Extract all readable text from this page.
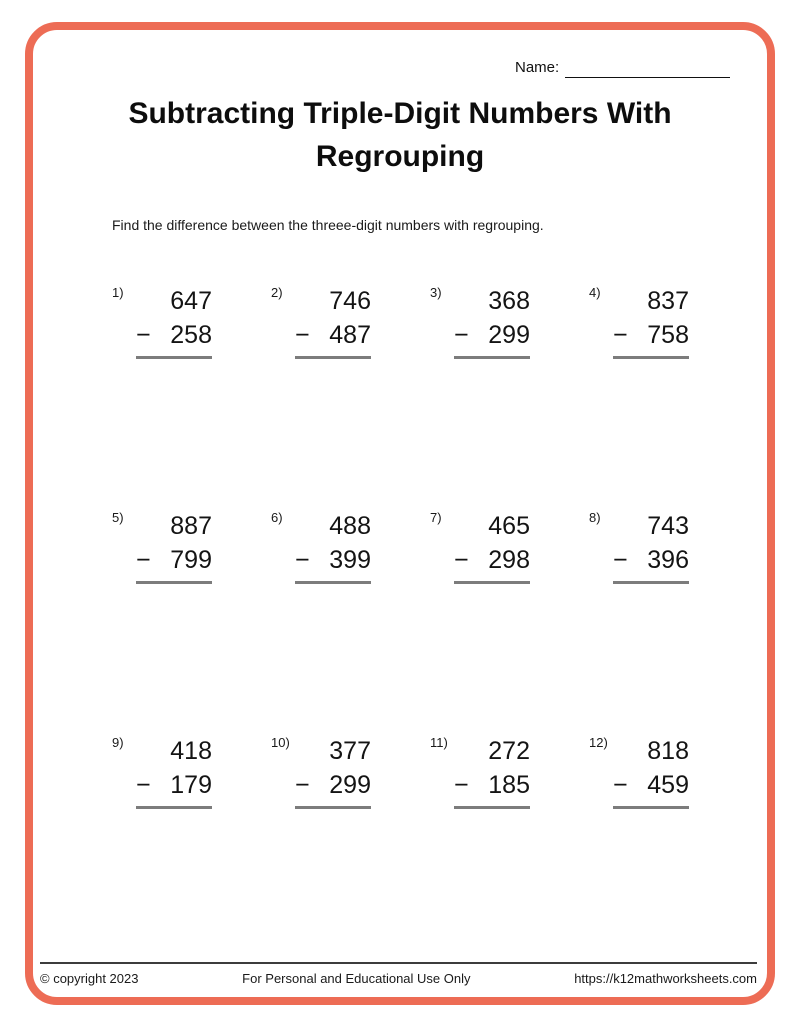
Name:
Subtracting Triple-Digit Numbers With
Regrouping

Find the difference between the threee-digit numbers with regrouping.

1)	647
− 258
2)	746
− 487
3)	368
− 299
4)	837
− 758
5)	887
− 799
6)	488
− 399
7)	465
− 298
8)	743
− 396
9)	418
− 179
10)	377
− 299
11)	272
− 185
12)	818
− 459
© copyright 2023	For Personal and Educational Use Only	https://k12mathworksheets.com
